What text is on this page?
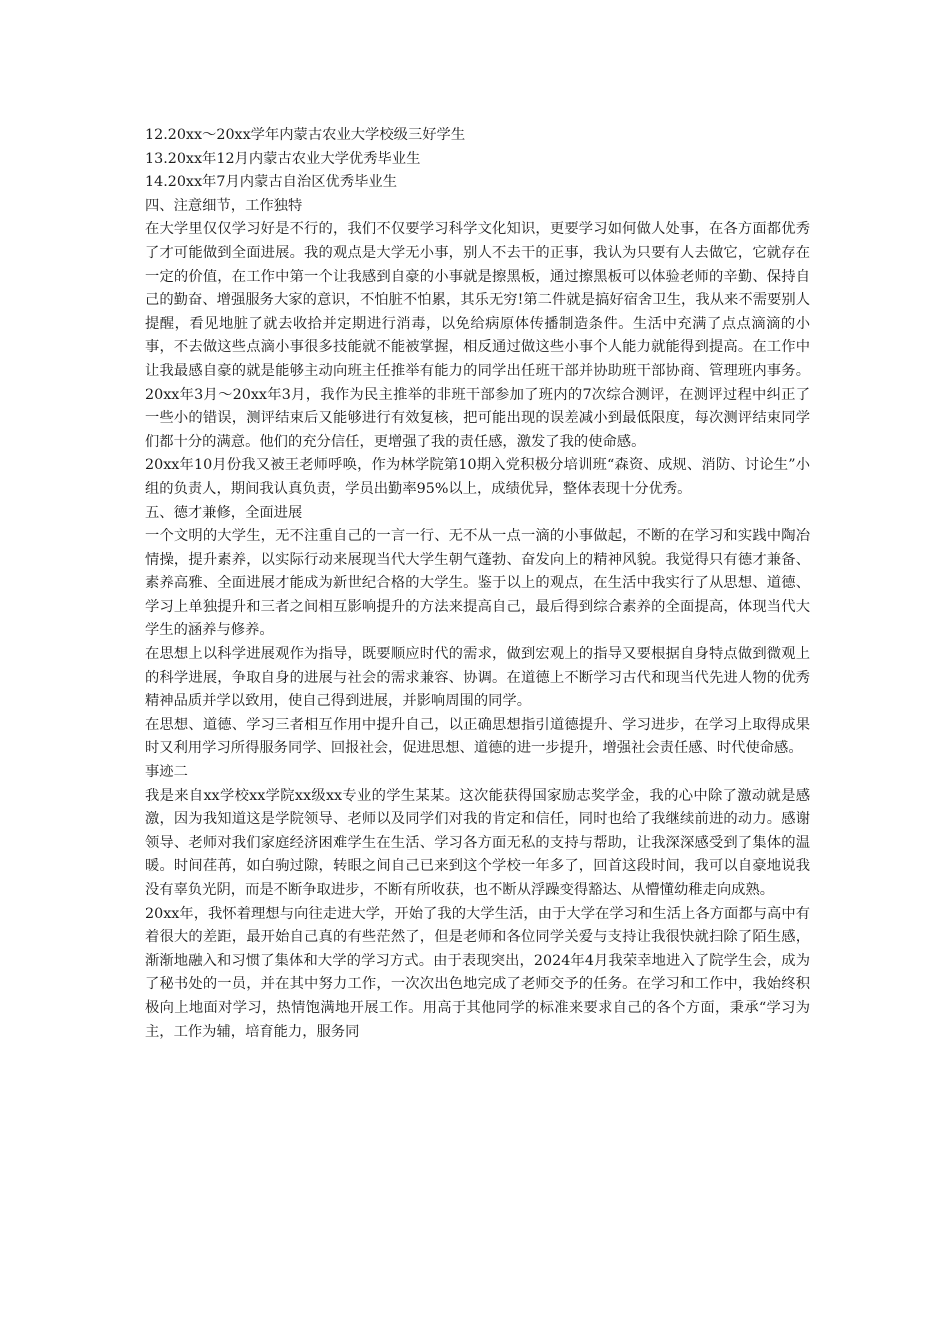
12.20xx～20xx学年内蒙古农业大学校级三好学生

13.20xx年12月内蒙古农业大学优秀毕业生

14.20xx年7月内蒙古自治区优秀毕业生

四、注意细节，工作独特

在大学里仅仅学习好是不行的，我们不仅要学习科学文化知识，更要学习如何做人处事，在各方面都优秀了才可能做到全面进展。我的观点是大学无小事，别人不去干的正事，我认为只要有人去做它，它就存在一定的价值，在工作中第一个让我感到自豪的小事就是擦黑板，通过擦黑板可以体验老师的辛勤、保持自己的勤奋、增强服务大家的意识，不怕脏不怕累，其乐无穷!第二件就是搞好宿舍卫生，我从来不需要别人提醒，看见地脏了就去收拾并定期进行消毒，以免给病原体传播制造条件。生活中充满了点点滴滴的小事，不去做这些点滴小事很多技能就不能被掌握，相反通过做这些小事个人能力就能得到提高。在工作中让我最感自豪的就是能够主动向班主任推举有能力的同学出任班干部并协助班干部协商、管理班内事务。20xx年3月～20xx年3月，我作为民主推举的非班干部参加了班内的7次综合测评，在测评过程中纠正了一些小的错误，测评结束后又能够进行有效复核，把可能出现的误差减小到最低限度，每次测评结束同学们都十分的满意。他们的充分信任，更增强了我的责任感，激发了我的使命感。

20xx年10月份我又被王老师呼唤，作为林学院第10期入党积极分培训班“森资、成规、消防、讨论生”小组的负责人，期间我认真负责，学员出勤率95%以上，成绩优异，整体表现十分优秀。

五、德才兼修，全面进展

一个文明的大学生，无不注重自己的一言一行、无不从一点一滴的小事做起，不断的在学习和实践中陶冶情操，提升素养，以实际行动来展现当代大学生朝气蓬勃、奋发向上的精神风貌。我觉得只有德才兼备、素养高雅、全面进展才能成为新世纪合格的大学生。鉴于以上的观点，在生活中我实行了从思想、道德、学习上单独提升和三者之间相互影响提升的方法来提高自己，最后得到综合素养的全面提高，体现当代大学生的涵养与修养。

在思想上以科学进展观作为指导，既要顺应时代的需求，做到宏观上的指导又要根据自身特点做到微观上的科学进展，争取自身的进展与社会的需求兼容、协调。在道德上不断学习古代和现当代先进人物的优秀精神品质并学以致用，使自己得到进展，并影响周围的同学。

在思想、道德、学习三者相互作用中提升自己，以正确思想指引道德提升、学习进步，在学习上取得成果时又利用学习所得服务同学、回报社会，促进思想、道德的进一步提升，增强社会责任感、时代使命感。

事迹二

我是来自xx学校xx学院xx级xx专业的学生某某。这次能获得国家励志奖学金，我的心中除了激动就是感激，因为我知道这是学院领导、老师以及同学们对我的肯定和信任，同时也给了我继续前进的动力。感谢领导、老师对我们家庭经济困难学生在生活、学习各方面无私的支持与帮助，让我深深感受到了集体的温暖。时间荏苒，如白驹过隙，转眼之间自己已来到这个学校一年多了，回首这段时间，我可以自豪地说我没有辜负光阴，而是不断争取进步，不断有所收获，也不断从浮躁变得豁达、从懵懂幼稚走向成熟。

20xx年，我怀着理想与向往走进大学，开始了我的大学生活，由于大学在学习和生活上各方面都与高中有着很大的差距，最开始自己真的有些茫然了，但是老师和各位同学关爱与支持让我很快就扫除了陌生感，渐渐地融入和习惯了集体和大学的学习方式。由于表现突出，2024年4月我荣幸地进入了院学生会，成为了秘书处的一员，并在其中努力工作，一次次出色地完成了老师交予的任务。在学习和工作中，我始终积极向上地面对学习，热情饱满地开展工作。用高于其他同学的标准来要求自己的各个方面，秉承“学习为主，工作为辅，培育能力，服务同
